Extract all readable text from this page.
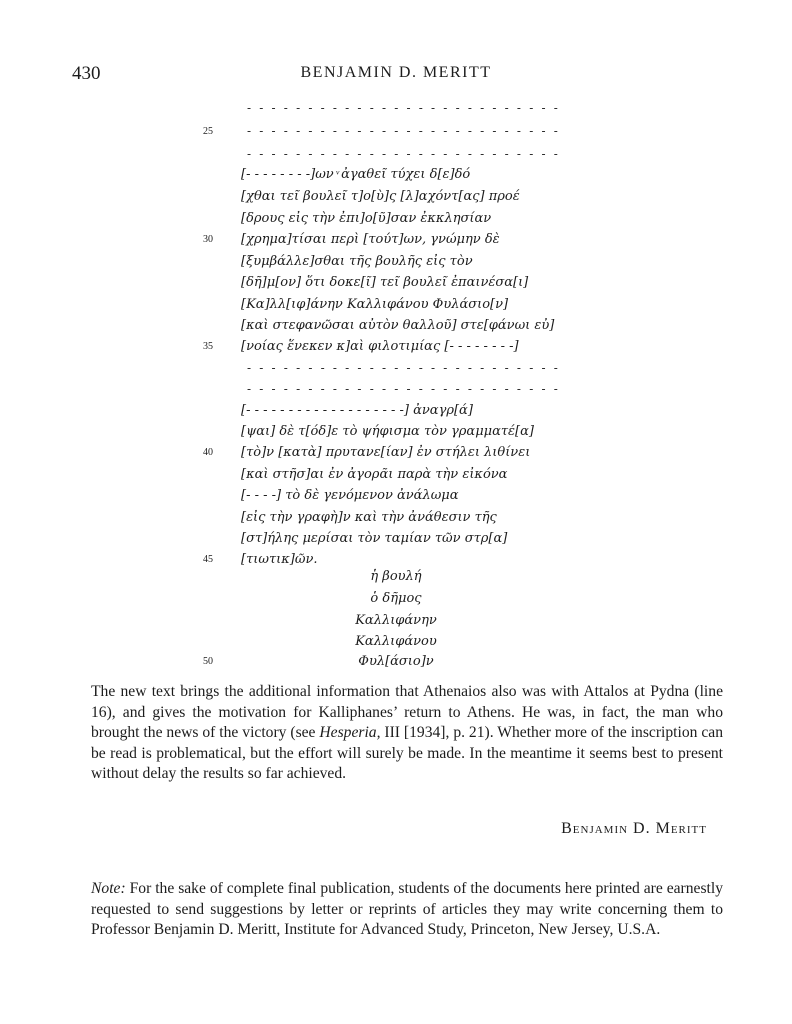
430	BENJAMIN D. MERITT
- - - - - - - - - - - - - - - - - - - - - - - - - -
25	- - - - - - - - - - - - - - - - - - - - - - - - - -
- - - - - - - - - - - - - - - - - - - - - - - - - -
[- - - - - - - -]ων ͮ ἀγαθεῖ τύχει δ[ε]δό
[χθαι τεῖ βουλεῖ τ]ο[ὺ]ς [λ]αχόντ[ας] προέ
[δρους εἰς τὴν ἐπι]ο[ῦ]σαν ἐκκλησίαν
30 [χρημα]τίσαι περὶ [τούτ]ων, γνώμην δὲ
[ξυμβάλλε]σθαι τῆς βουλῆς εἰς τὸν
[δῆ]μ[ον] ὅτι δοκε[ῖ] τεῖ βουλεῖ ἐπαινέσα[ι]
[Κα]λλ[ιφ]άνην Καλλιφάνου Φυλάσιο[ν]
[καὶ στεφανῶσαι αὐτὸν θαλλοῦ] στε[φάνωι εὐ]
35 [νοίας ἕνεκεν κ]αὶ φιλοτιμίας [- - - - - - - -]
- - - - - - - - - - - - - - - - - - - - - - - - - -
- - - - - - - - - - - - - - - - - - - - - - - - - -
[- - - - - - - - - - - - - - - - - - -] ἀναγρ[ά]
[ψαι] δὲ τ[όδ]ε τὸ ψήφισμα τὸν γραμματέ[α]
40 [τὸ]ν [κατὰ] πρυτανε[ίαν] ἐν στήλει λιθίνει
[καὶ στῆσ]αι ἐν ἀγορᾶι παρὰ τὴν εἰκόνα
[- - - -] τὸ δὲ γενόμενον ἀνάλωμα
[εἰς τὴν γραφὴ]ν καὶ τὴν ἀνάθεσιν τῆς
[στ]ήλης μερίσαι τὸν ταμίαν τῶν στρ[α]
45 [τιωτικ]ῶν.
ἡ βουλή
ὁ δῆμος
Καλλιφάνην
Καλλιφάνου
50	Φυλ[άσιο]ν
The new text brings the additional information that Athenaios also was with Attalos at Pydna (line 16), and gives the motivation for Kalliphanes’ return to Athens. He was, in fact, the man who brought the news of the victory (see Hesperia, III [1934], p. 21). Whether more of the inscription can be read is problematical, but the effort will surely be made. In the meantime it seems best to present without delay the results so far achieved.
Benjamin D. Meritt
Note: For the sake of complete final publication, students of the documents here printed are earnestly requested to send suggestions by letter or reprints of articles they may write concerning them to Professor Benjamin D. Meritt, Institute for Advanced Study, Princeton, New Jersey, U.S.A.
